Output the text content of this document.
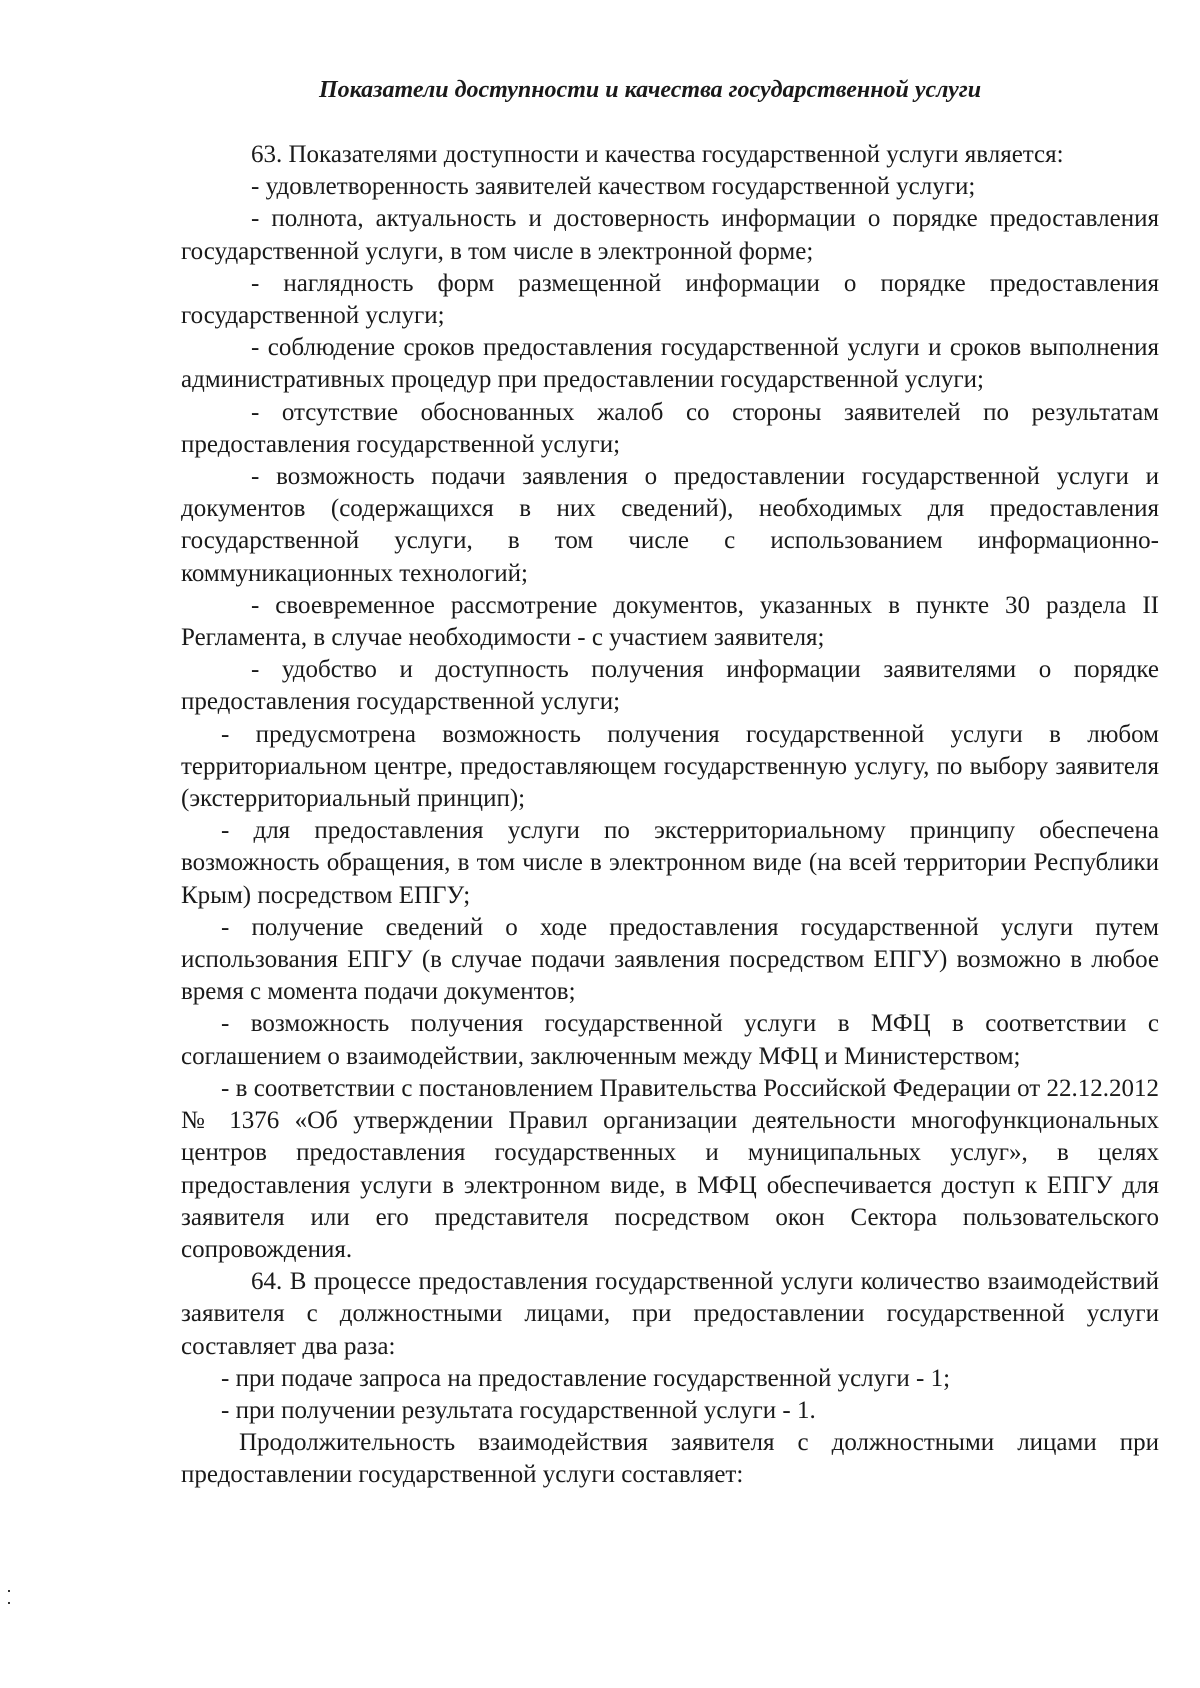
Показатели доступности и качества государственной услуги

63. Показателями доступности и качества государственной услуги является:

- удовлетворенность заявителей качеством государственной услуги;

- полнота, актуальность и достоверность информации о порядке предоставления государственной услуги, в том числе в электронной форме;

- наглядность форм размещенной информации о порядке предоставления государственной услуги;

- соблюдение сроков предоставления государственной услуги и сроков выполнения административных процедур при предоставлении государственной услуги;

- отсутствие обоснованных жалоб со стороны заявителей по результатам предоставления государственной услуги;

- возможность подачи заявления о предоставлении государственной услуги и документов (содержащихся в них сведений), необходимых для предоставления государственной услуги, в том числе с использованием информационно-коммуникационных технологий;

- своевременное рассмотрение документов, указанных в пункте 30 раздела II Регламента, в случае необходимости - с участием заявителя;

- удобство и доступность получения информации заявителями о порядке предоставления государственной услуги;

- предусмотрена возможность получения государственной услуги в любом территориальном центре, предоставляющем государственную услугу, по выбору заявителя (экстерриториальный принцип);

- для предоставления услуги по экстерриториальному принципу обеспечена возможность обращения, в том числе в электронном виде (на всей территории Республики Крым) посредством ЕПГУ;

- получение сведений о ходе предоставления государственной услуги путем использования ЕПГУ (в случае подачи заявления посредством ЕПГУ) возможно в любое время с момента подачи документов;

- возможность получения государственной услуги в МФЦ в соответствии с соглашением о взаимодействии, заключенным между МФЦ и Министерством;

- в соответствии с постановлением Правительства Российской Федерации от 22.12.2012 № 1376 «Об утверждении Правил организации деятельности многофункциональных центров предоставления государственных и муниципальных услуг», в целях предоставления услуги в электронном виде, в МФЦ обеспечивается доступ к ЕПГУ для заявителя или его представителя посредством окон Сектора пользовательского сопровождения.

64. В процессе предоставления государственной услуги количество взаимодействий заявителя с должностными лицами, при предоставлении государственной услуги составляет два раза:

- при подаче запроса на предоставление государственной услуги - 1;

- при получении результата государственной услуги - 1.

Продолжительность взаимодействия заявителя с должностными лицами при предоставлении государственной услуги составляет:
